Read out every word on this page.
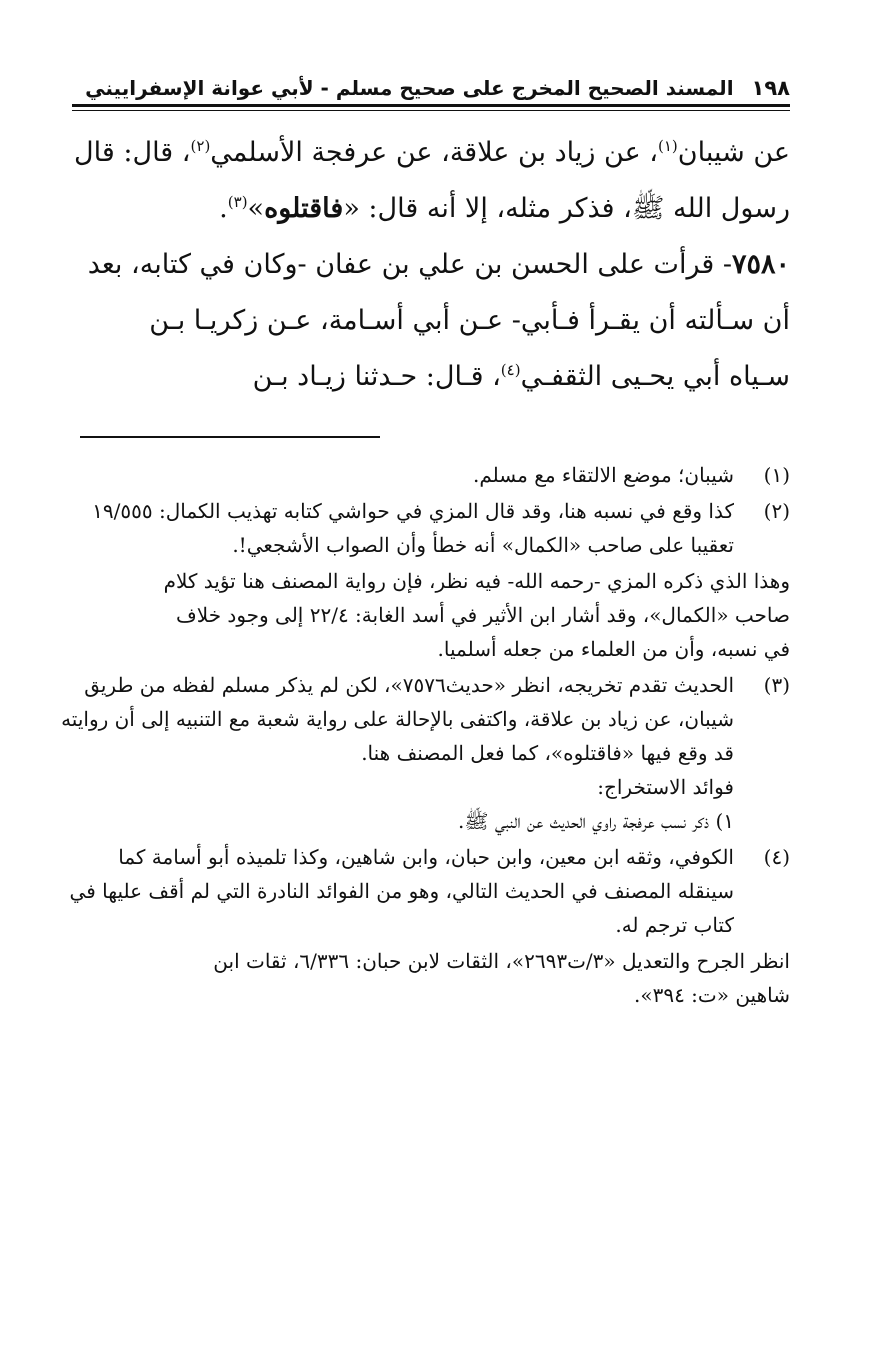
١٩٨
المسند الصحيح المخرج على صحيح مسلم - لأبي عوانة الإسفراييني
عن شيبان$^{(١)}$، عن زياد بن علاقة، عن عرفجة الأسلمي$^{(٢)}$، قال: قال
رسول الله ﷺ، فذكر مثله، إلا أنه قال: «فاقتلوه»$^{(٣)}$.
٧٥٨٠- قرأت على الحسن بن علي بن عفان -وكان في كتابه، بعد
أن سـألته أن يقـرأ فـأبي- عـن أبي أسـامة، عـن زكريـا بـن
سـياه أبي يحـيى الثقفـي$^{(٤)}$، قـال: حـدثنا زيـاد بـن
(١)
شيبان؛ موضع الالتقاء مع مسلم.
(٢)
كذا وقع في نسبه هنا، وقد قال المزي في حواشي كتابه تهذيب الكمال: ١٩/٥٥٥
تعقيبا على صاحب «الكمال» أنه خطأ وأن الصواب الأشجعي!.
وهذا الذي ذكره المزي -رحمه الله- فيه نظر، فإن رواية المصنف هنا تؤيد كلام
صاحب «الكمال»، وقد أشار ابن الأثير في أسد الغابة: ٢٢/٤ إلى وجود خلاف
في نسبه، وأن من العلماء من جعله أسلميا.
(٣)
الحديث تقدم تخريجه، انظر «حديث٧٥٧٦»، لكن لم يذكر مسلم لفظه من طريق
شيبان، عن زياد بن علاقة، واكتفى بالإحالة على رواية شعبة مع التنبيه إلى أن روايته
قد وقع فيها «فاقتلوه»، كما فعل المصنف هنا.
فوائد الاستخراج:
١) ذكر نسب عرفجة راوي الحديث عن النبي ﷺ.
(٤)
الكوفي، وثقه ابن معين، وابن حبان، وابن شاهين، وكذا تلميذه أبو أسامة كما
سينقله المصنف في الحديث التالي، وهو من الفوائد النادرة التي لم أقف عليها في
كتاب ترجم له.
انظر الجرح والتعديل «٣/ت٢٦٩٣»، الثقات لابن حبان: ٦/٣٣٦، ثقات ابن
شاهين «ت: ٣٩٤».
